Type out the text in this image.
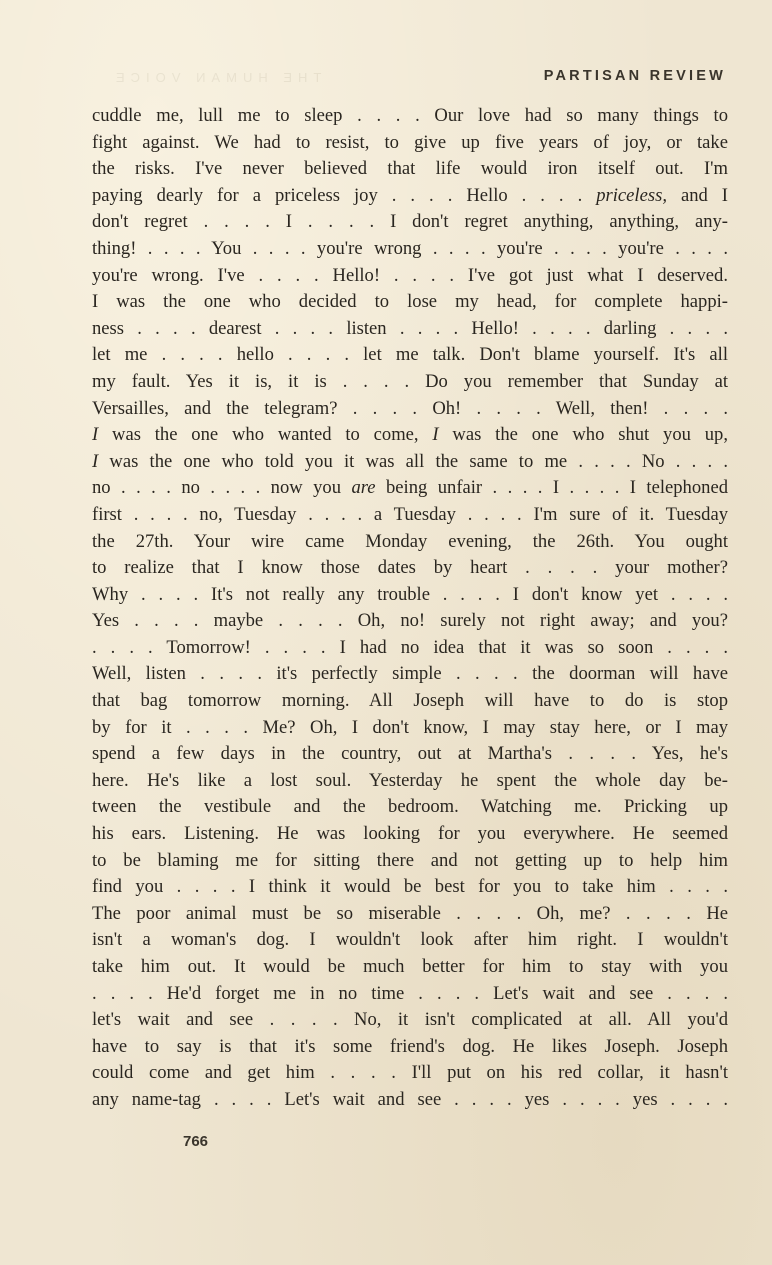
THE HUMAN VOICE	PARTISAN REVIEW
cuddle me, lull me to sleep . . . . Our love had so many things to
fight against. We had to resist, to give up five years of joy, or take
the risks. I've never believed that life would iron itself out. I'm
paying dearly for a priceless joy . . . . Hello . . . . priceless, and I
don't regret . . . . I . . . . I don't regret anything, anything, any-
thing! . . . . You . . . . you're wrong . . . . you're . . . . you're . . . .
you're wrong. I've . . . . Hello! . . . . I've got just what I deserved.
I was the one who decided to lose my head, for complete happi-
ness . . . . dearest . . . . listen . . . . Hello! . . . . darling . . . .
let me . . . . hello . . . . let me talk. Don't blame yourself. It's all
my fault. Yes it is, it is . . . . Do you remember that Sunday at
Versailles, and the telegram? . . . . Oh! . . . . Well, then! . . . .
I was the one who wanted to come, I was the one who shut you up,
I was the one who told you it was all the same to me . . . . No . . . .
no . . . . no . . . . now you are being unfair . . . . I . . . . I telephoned
first . . . . no, Tuesday . . . . a Tuesday . . . . I'm sure of it. Tuesday
the 27th. Your wire came Monday evening, the 26th. You ought
to realize that I know those dates by heart . . . . your mother?
Why . . . . It's not really any trouble . . . . I don't know yet . . . .
Yes . . . . maybe . . . . Oh, no! surely not right away; and you?
. . . . Tomorrow! . . . . I had no idea that it was so soon . . . .
Well, listen . . . . it's perfectly simple . . . . the doorman will have
that bag tomorrow morning. All Joseph will have to do is stop
by for it . . . . Me? Oh, I don't know, I may stay here, or I may
spend a few days in the country, out at Martha's . . . . Yes, he's
here. He's like a lost soul. Yesterday he spent the whole day be-
tween the vestibule and the bedroom. Watching me. Pricking up
his ears. Listening. He was looking for you everywhere. He seemed
to be blaming me for sitting there and not getting up to help him
find you . . . . I think it would be best for you to take him . . . .
The poor animal must be so miserable . . . . Oh, me? . . . . He
isn't a woman's dog. I wouldn't look after him right. I wouldn't
take him out. It would be much better for him to stay with you
. . . . He'd forget me in no time . . . . Let's wait and see . . . .
let's wait and see . . . . No, it isn't complicated at all. All you'd
have to say is that it's some friend's dog. He likes Joseph. Joseph
could come and get him . . . . I'll put on his red collar, it hasn't
any name-tag . . . . Let's wait and see . . . . yes . . . . yes . . . .
766
